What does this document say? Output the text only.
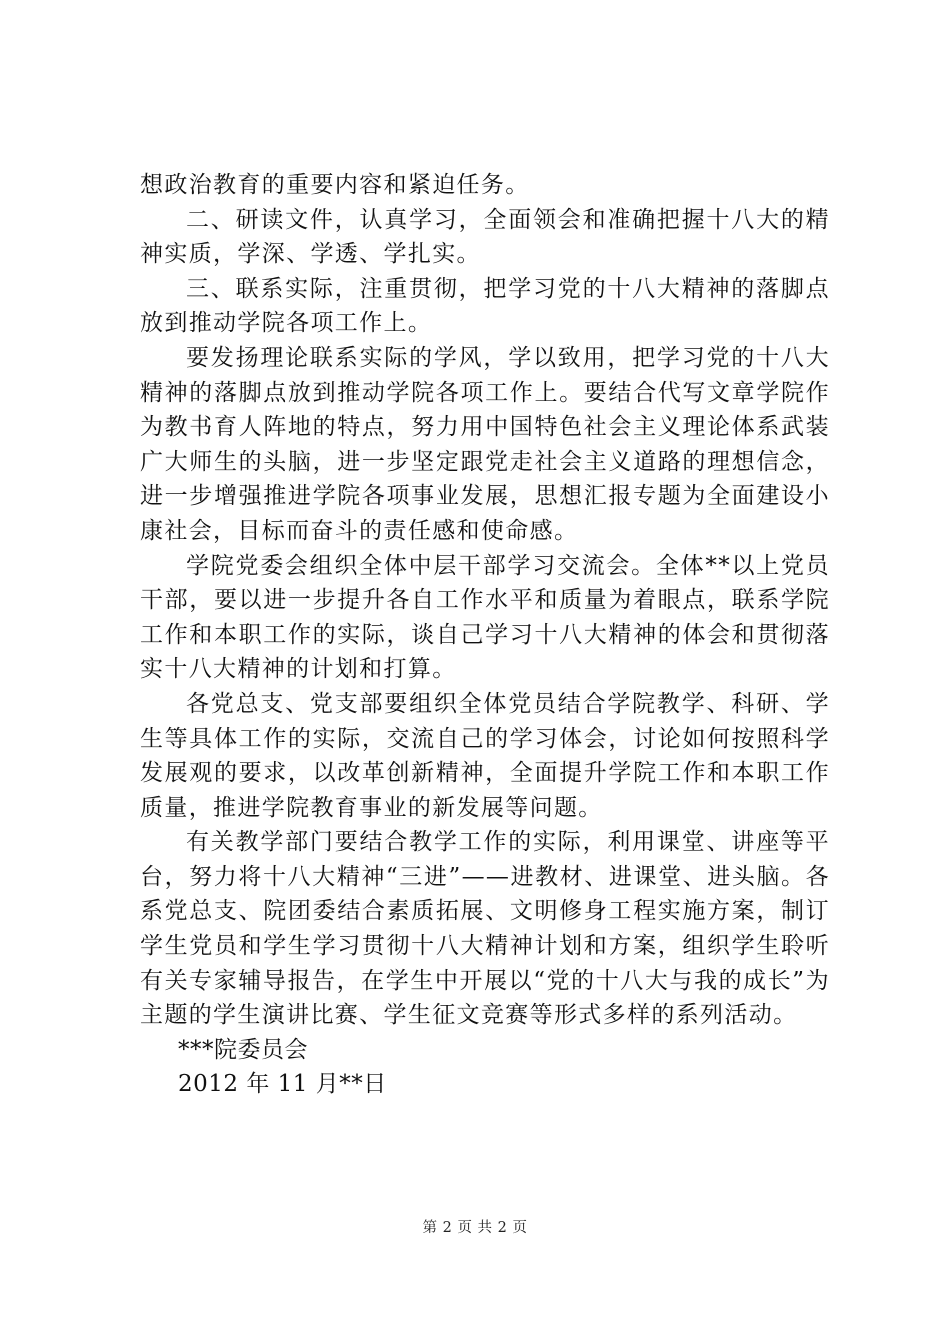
想政治教育的重要内容和紧迫任务。

二、研读文件，认真学习，全面领会和准确把握十八大的精神实质，学深、学透、学扎实。

三、联系实际，注重贯彻，把学习党的十八大精神的落脚点放到推动学院各项工作上。

要发扬理论联系实际的学风，学以致用，把学习党的十八大精神的落脚点放到推动学院各项工作上。要结合代写文章学院作为教书育人阵地的特点，努力用中国特色社会主义理论体系武装广大师生的头脑，进一步坚定跟党走社会主义道路的理想信念，进一步增强推进学院各项事业发展，思想汇报专题为全面建设小康社会，目标而奋斗的责任感和使命感。

学院党委会组织全体中层干部学习交流会。全体**以上党员干部，要以进一步提升各自工作水平和质量为着眼点，联系学院工作和本职工作的实际，谈自己学习十八大精神的体会和贯彻落实十八大精神的计划和打算。

各党总支、党支部要组织全体党员结合学院教学、科研、学生等具体工作的实际，交流自己的学习体会，讨论如何按照科学发展观的要求，以改革创新精神，全面提升学院工作和本职工作质量，推进学院教育事业的新发展等问题。

有关教学部门要结合教学工作的实际，利用课堂、讲座等平台，努力将十八大精神“三进”——进教材、进课堂、进头脑。各系党总支、院团委结合素质拓展、文明修身工程实施方案，制订学生党员和学生学习贯彻十八大精神计划和方案，组织学生聆听有关专家辅导报告，在学生中开展以“党的十八大与我的成长”为主题的学生演讲比赛、学生征文竞赛等形式多样的系列活动。

***院委员会

2012 年 11 月**日

第 2 页 共 2 页
